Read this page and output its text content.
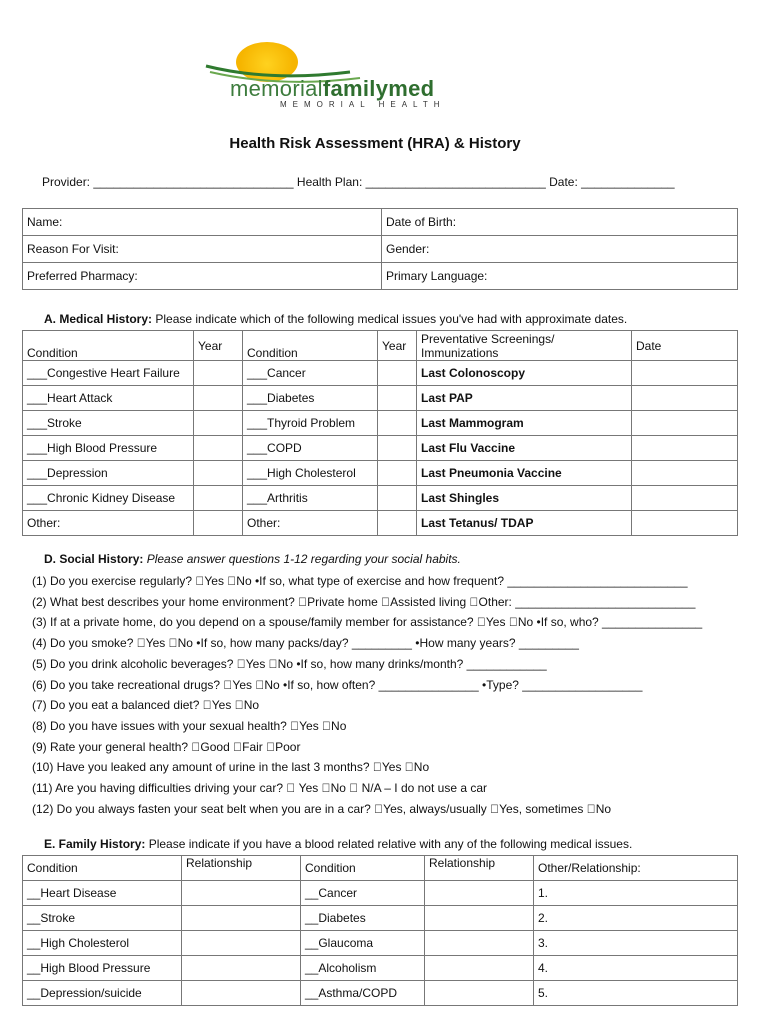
memorialfamilymed
MEMORIAL HEALTH
Health Risk Assessment (HRA) & History
Provider: ______________________________ Health Plan: ___________________________ Date: ______________
Name:	Date of Birth:
Reason For Visit:	Gender:
Preferred Pharmacy:	Primary Language:
A. Medical History: Please indicate which of the following medical issues you've had with approximate dates.
Condition	Year	Condition	Year	Preventative Screenings/ Immunizations	Date
___Congestive Heart Failure		___Cancer		Last Colonoscopy	
___Heart Attack		___Diabetes		Last PAP	
___Stroke		___Thyroid Problem		Last Mammogram	
___High Blood Pressure		___COPD		Last Flu Vaccine	
___Depression		___High Cholesterol		Last Pneumonia Vaccine	
___Chronic Kidney Disease		___Arthritis		Last Shingles	
Other:		Other:		Last Tetanus/ TDAP	
D. Social History: Please answer questions 1-12 regarding your social habits.
(1) Do you exercise regularly? Yes No •If so, what type of exercise and how frequent? ___________________________
(2) What best describes your home environment? Private home Assisted living Other: ___________________________
(3) If at a private home, do you depend on a spouse/family member for assistance? Yes No •If so, who? _______________
(4) Do you smoke? Yes No •If so, how many packs/day? _________ •How many years? _________
(5) Do you drink alcoholic beverages? Yes No •If so, how many drinks/month? ____________
(6) Do you take recreational drugs? Yes No •If so, how often? _______________ •Type? __________________
(7) Do you eat a balanced diet? Yes No
(8) Do you have issues with your sexual health? Yes No
(9) Rate your general health? Good Fair Poor
(10) Have you leaked any amount of urine in the last 3 months? Yes No
(11) Are you having difficulties driving your car? Yes No N/A – I do not use a car
(12) Do you always fasten your seat belt when you are in a car? Yes, always/usually Yes, sometimes No
E. Family History: Please indicate if you have a blood related relative with any of the following medical issues.
Condition	Relationship	Condition	Relationship	Other/Relationship:
__Heart Disease		__Cancer		1.
__Stroke		__Diabetes		2.
__High Cholesterol		__Glaucoma		3.
__High Blood Pressure		__Alcoholism		4.
__Depression/suicide		__Asthma/COPD		5.
